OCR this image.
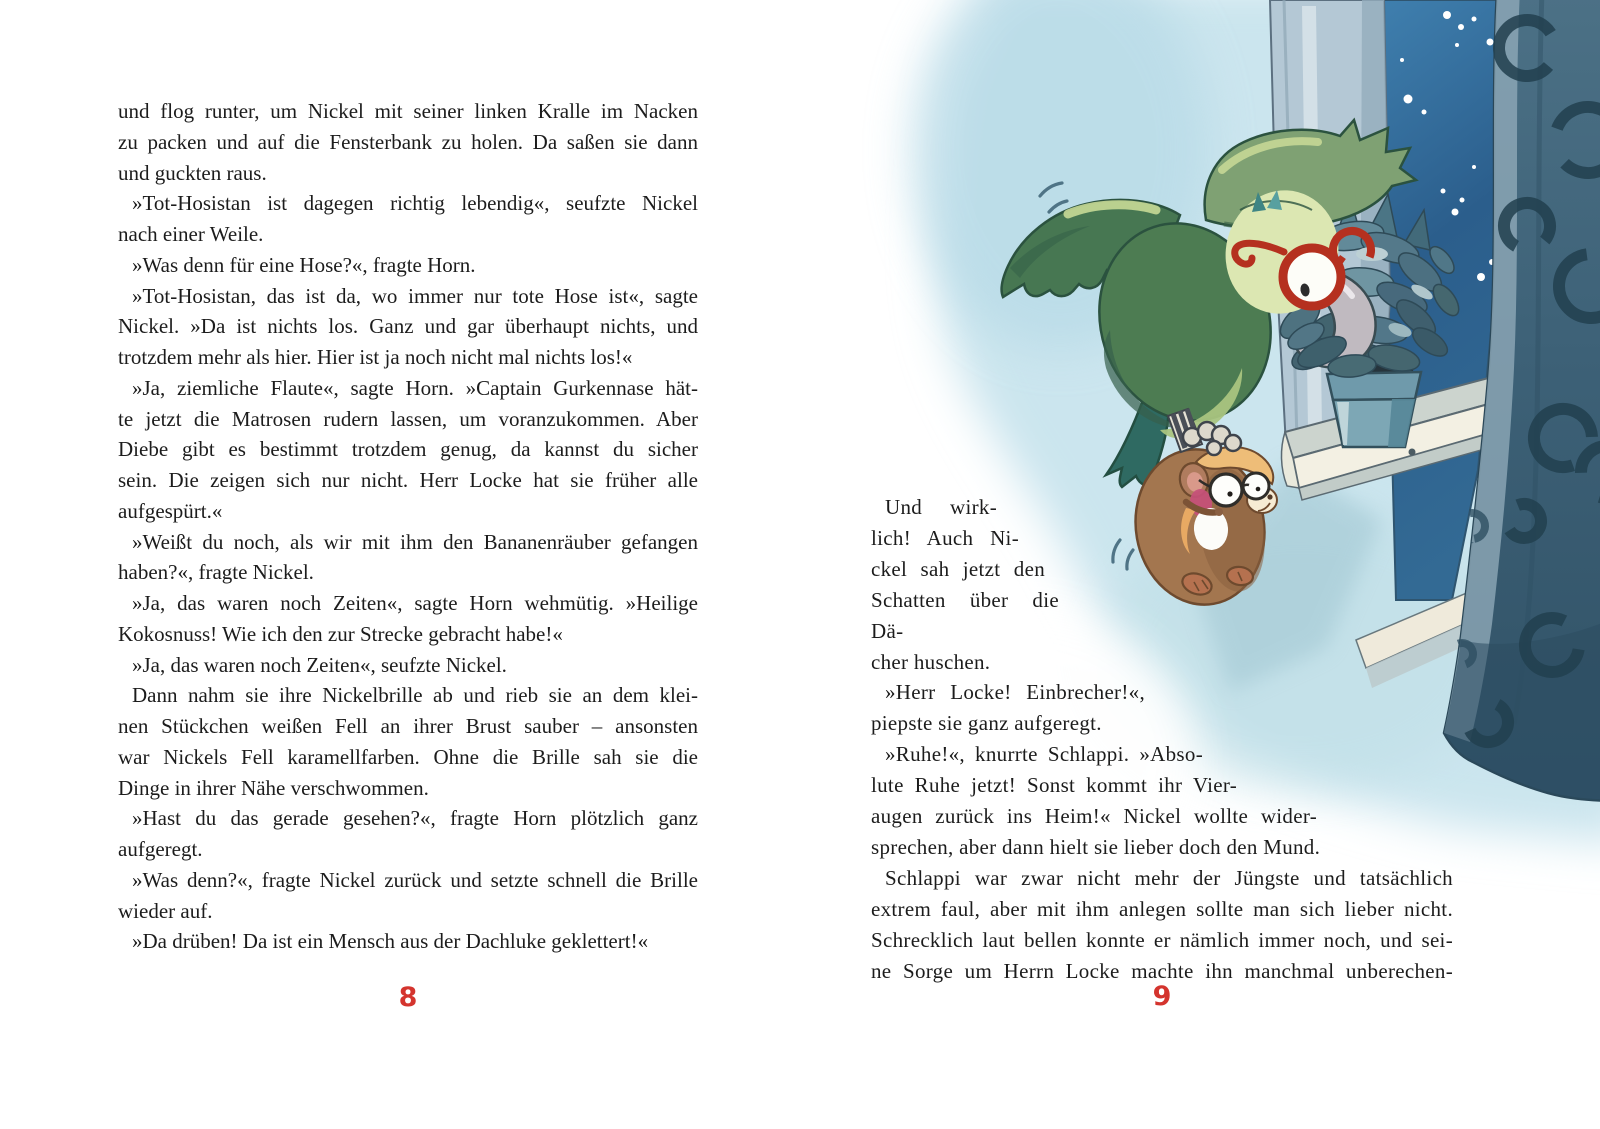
und flog runter, um Nickel mit seiner linken Kralle im Nacken
zu packen und auf die Fensterbank zu holen. Da saßen sie dann
und guckten raus.
»Tot-Hosistan ist dagegen richtig lebendig«, seufzte Nickel
nach einer Weile.
»Was denn für eine Hose?«, fragte Horn.
»Tot-Hosistan, das ist da, wo immer nur tote Hose ist«, sagte
Nickel. »Da ist nichts los. Ganz und gar überhaupt nichts, und
trotzdem mehr als hier. Hier ist ja noch nicht mal nichts los!«
»Ja, ziemliche Flaute«, sagte Horn. »Captain Gurkennase hät-
te jetzt die Matrosen rudern lassen, um voranzukommen. Aber
Diebe gibt es bestimmt trotzdem genug, da kannst du sicher
sein. Die zeigen sich nur nicht. Herr Locke hat sie früher alle
aufgespürt.«
»Weißt du noch, als wir mit ihm den Bananenräuber gefangen
haben?«, fragte Nickel.
»Ja, das waren noch Zeiten«, sagte Horn wehmütig. »Heilige
Kokosnuss! Wie ich den zur Strecke gebracht habe!«
»Ja, das waren noch Zeiten«, seufzte Nickel.
Dann nahm sie ihre Nickelbrille ab und rieb sie an dem klei-
nen Stückchen weißen Fell an ihrer Brust sauber – ansonsten
war Nickels Fell karamellfarben. Ohne die Brille sah sie die
Dinge in ihrer Nähe verschwommen.
»Hast du das gerade gesehen?«, fragte Horn plötzlich ganz
aufgeregt.
»Was denn?«, fragte Nickel zurück und setzte schnell die Brille
wieder auf.
»Da drüben! Da ist ein Mensch aus der Dachluke geklettert!«
8
Und wirk-
lich! Auch Ni-
ckel sah jetzt den
Schatten über die Dä-
cher huschen.
»Herr Locke! Einbrecher!«,
piepste sie ganz aufgeregt.
»Ruhe!«, knurrte Schlappi. »Abso-
lute Ruhe jetzt! Sonst kommt ihr Vier-
augen zurück ins Heim!« Nickel wollte wider-
sprechen, aber dann hielt sie lieber doch den Mund.
Schlappi war zwar nicht mehr der Jüngste und tatsächlich
extrem faul, aber mit ihm anlegen sollte man sich lieber nicht.
Schrecklich laut bellen konnte er nämlich immer noch, und sei-
ne Sorge um Herrn Locke machte ihn manchmal unberechen-
9
